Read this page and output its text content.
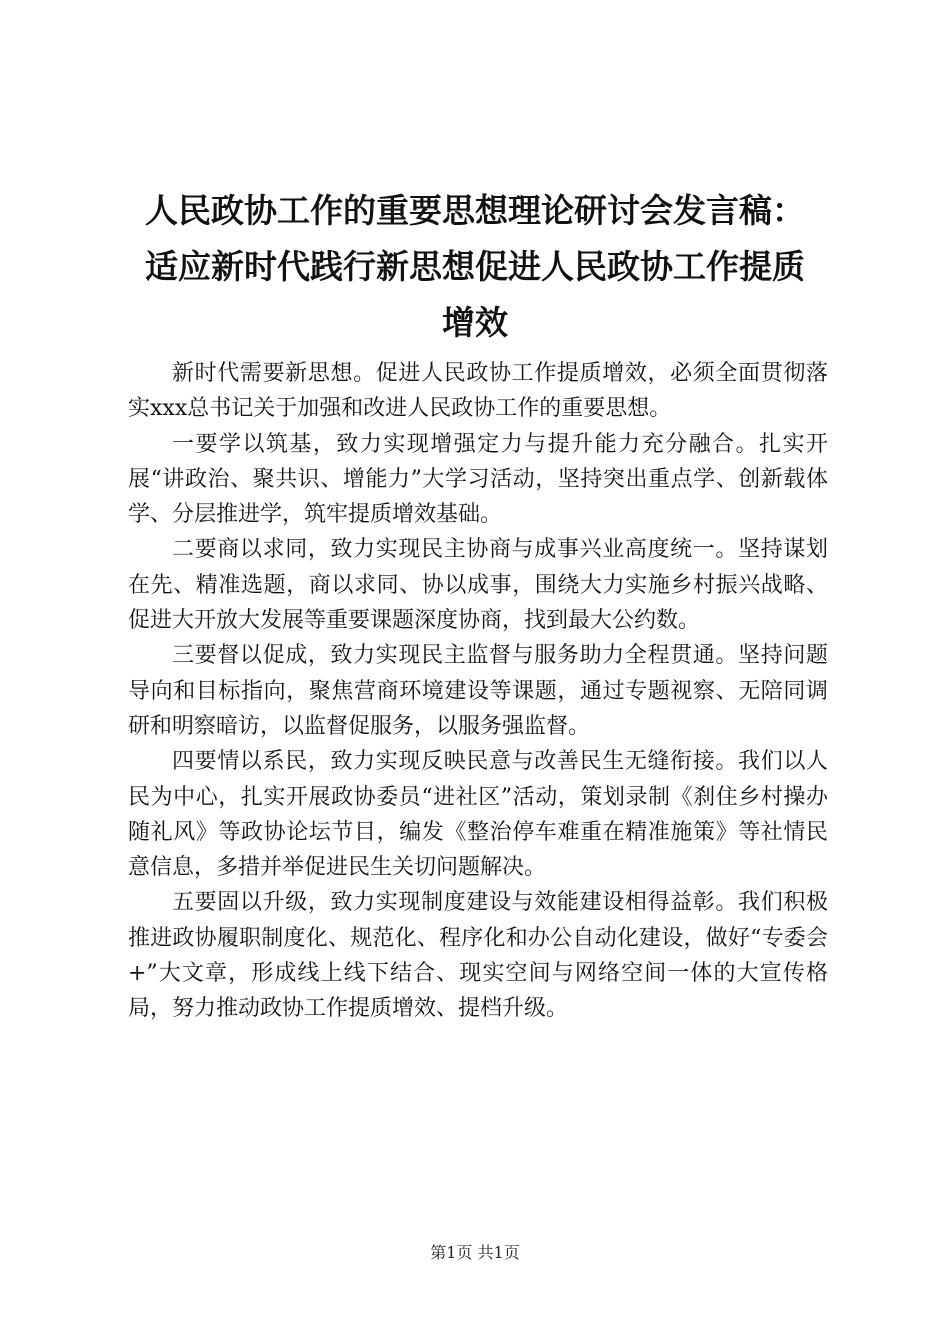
人民政协工作的重要思想理论研讨会发言稿：
适应新时代践行新思想促进人民政协工作提质
增效

新时代需要新思想。促进人民政协工作提质增效，必须全面贯彻落实xxx总书记关于加强和改进人民政协工作的重要思想。

一要学以筑基，致力实现增强定力与提升能力充分融合。扎实开展“讲政治、聚共识、增能力”大学习活动，坚持突出重点学、创新载体学、分层推进学，筑牢提质增效基础。

二要商以求同，致力实现民主协商与成事兴业高度统一。坚持谋划在先、精准选题，商以求同、协以成事，围绕大力实施乡村振兴战略、促进大开放大发展等重要课题深度协商，找到最大公约数。

三要督以促成，致力实现民主监督与服务助力全程贯通。坚持问题导向和目标指向，聚焦营商环境建设等课题，通过专题视察、无陪同调研和明察暗访，以监督促服务，以服务强监督。

四要情以系民，致力实现反映民意与改善民生无缝衔接。我们以人民为中心，扎实开展政协委员“进社区”活动，策划录制《刹住乡村操办随礼风》等政协论坛节目，编发《整治停车难重在精准施策》等社情民意信息，多措并举促进民生关切问题解决。

五要固以升级，致力实现制度建设与效能建设相得益彰。我们积极推进政协履职制度化、规范化、程序化和办公自动化建设，做好“专委会+”大文章，形成线上线下结合、现实空间与网络空间一体的大宣传格局，努力推动政协工作提质增效、提档升级。

第1页 共1页
